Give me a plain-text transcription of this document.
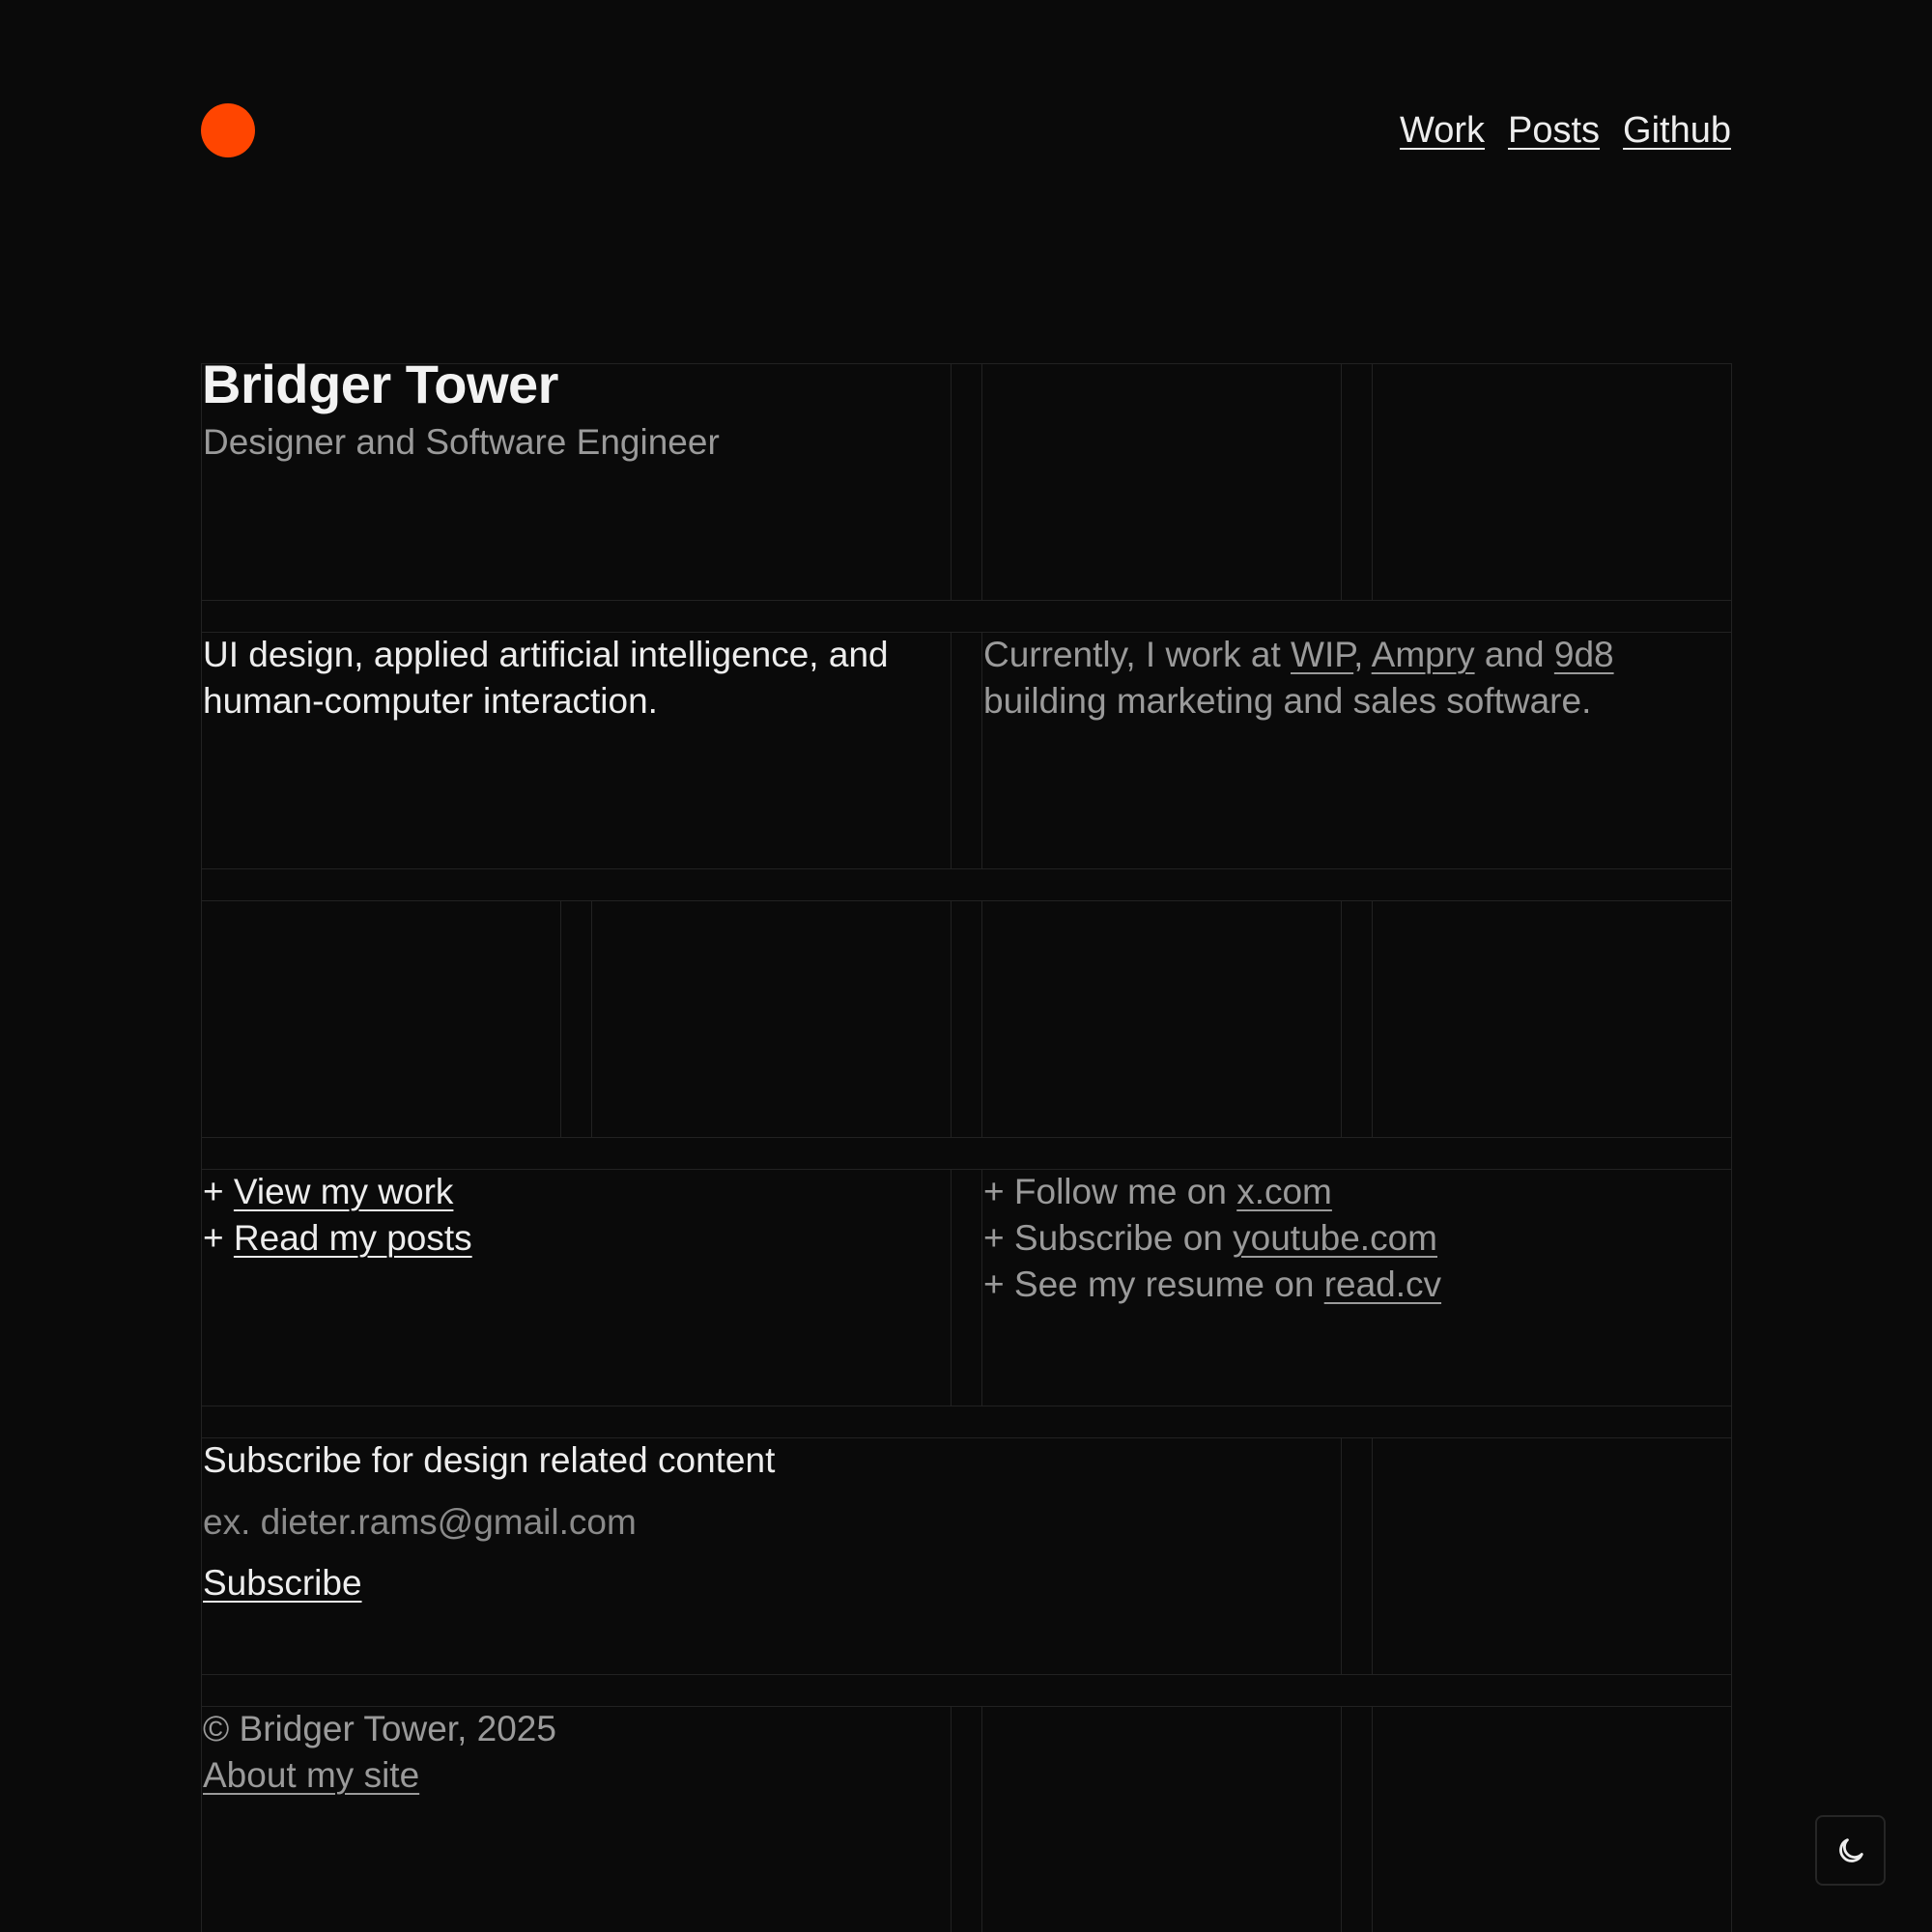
Work Posts Github
Bridger Tower
Designer and Software Engineer
UI design, applied artificial intelligence, and human-computer interaction.
Currently, I work at WIP, Ampry and 9d8 building marketing and sales software.
+ View my work
+ Read my posts
+ Follow me on x.com
+ Subscribe on youtube.com
+ See my resume on read.cv
Subscribe for design related content
ex. dieter.rams@gmail.com
Subscribe
© Bridger Tower, 2025
About my site
